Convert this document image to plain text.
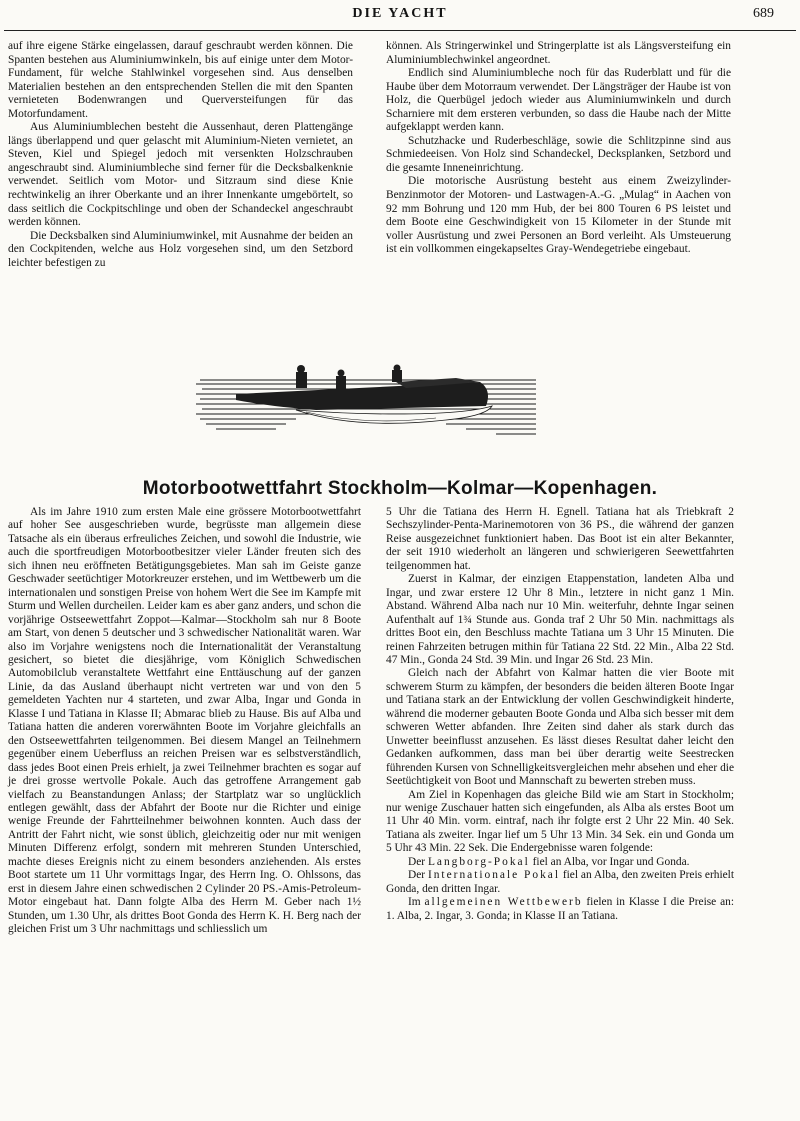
DIE YACHT	689

auf ihre eigene Stärke eingelassen, darauf geschraubt werden können. Die Spanten bestehen aus Aluminiumwinkeln, bis auf einige unter dem Motor-Fundament, für welche Stahlwinkel vorgesehen sind. Aus denselben Materialien bestehen an den entsprechenden Stellen die mit den Spanten vernieteten Bodenwrangen und Querversteifungen für das Motorfundament.

Aus Aluminiumblechen besteht die Aussenhaut, deren Plattengänge längs überlappend und quer gelascht mit Aluminium-Nieten vernietet, an Steven, Kiel und Spiegel jedoch mit versenkten Holzschrauben angeschraubt sind. Aluminiumbleche sind ferner für die Decksbalkenknie verwendet. Seitlich vom Motor- und Sitzraum sind diese Knie rechtwinkelig an ihrer Oberkante und an ihrer Innenkante umgebörtelt, so dass seitlich die Cockpitschlinge und oben der Schandeckel angeschraubt werden können.

Die Decksbalken sind Aluminiumwinkel, mit Ausnahme der beiden an den Cockpitenden, welche aus Holz vorgesehen sind, um den Setzbord leichter befestigen zu

können. Als Stringerwinkel und Stringerplatte ist als Längsversteifung ein Aluminiumblechwinkel angeordnet.

Endlich sind Aluminiumbleche noch für das Ruderblatt und für die Haube über dem Motorraum verwendet. Der Längsträger der Haube ist von Holz, die Querbügel jedoch wieder aus Aluminiumwinkeln und durch Scharniere mit dem ersteren verbunden, so dass die Haube nach der Mitte aufgeklappt werden kann.

Schutzhacke und Ruderbeschläge, sowie die Schlitzpinne sind aus Schmiedeeisen. Von Holz sind Schandeckel, Decksplanken, Setzbord und die gesamte Inneneinrichtung.

Die motorische Ausrüstung besteht aus einem Zweizylinder-Benzinmotor der Motoren- und Lastwagen-A.-G. „Mulag“ in Aachen von 92 mm Bohrung und 120 mm Hub, der bei 800 Touren 6 PS leistet und dem Boote eine Geschwindigkeit von 15 Kilometer in der Stunde mit voller Ausrüstung und zwei Personen an Bord verleiht. Als Umsteuerung ist ein vollkommen eingekapseltes Gray-Wendegetriebe eingebaut.

Motorbootwettfahrt Stockholm—Kolmar—Kopenhagen.

Als im Jahre 1910 zum ersten Male eine grössere Motorbootwettfahrt auf hoher See ausgeschrieben wurde, begrüsste man allgemein diese Tatsache als ein überaus erfreuliches Zeichen, und sowohl die Industrie, wie auch die sportfreudigen Motorbootbesitzer vieler Länder freuten sich des sich ihnen neu eröffneten Betätigungsgebietes. Man sah im Geiste ganze Geschwader seetüchtiger Motorkreuzer erstehen, und im Wettbewerb um die internationalen und sonstigen Preise von hohem Wert die See im Kampfe mit Sturm und Wellen durcheilen. Leider kam es aber ganz anders, und schon die vorjährige Ostseewettfahrt Zoppot—Kalmar—Stockholm sah nur 8 Boote am Start, von denen 5 deutscher und 3 schwedischer Nationalität waren. War also im Vorjahre wenigstens noch die Internationalität der Veranstaltung gesichert, so bietet die diesjährige, vom Königlich Schwedischen Automobilclub veranstaltete Wettfahrt eine Enttäuschung auf der ganzen Linie, da das Ausland überhaupt nicht vertreten war und von den 5 gemeldeten Yachten nur 4 starteten, und zwar Alba, Ingar und Gonda in Klasse I und Tatiana in Klasse II; Abmarac blieb zu Hause. Bis auf Alba und Tatiana hatten die anderen vorerwähnten Boote im Vorjahre gleichfalls an den Ostseewettfahrten teilgenommen. Bei diesem Mangel an Teilnehmern gegenüber einem Ueberfluss an reichen Preisen war es selbstverständlich, dass jedes Boot einen Preis erhielt, ja zwei Teilnehmer brachten es sogar auf je drei grosse wertvolle Pokale. Auch das getroffene Arrangement gab vielfach zu Beanstandungen Anlass; der Startplatz war so unglücklich entlegen gewählt, dass der Abfahrt der Boote nur die Richter und einige wenige Freunde der Fahrtteilnehmer beiwohnen konnten. Auch dass der Antritt der Fahrt nicht, wie sonst üblich, gleichzeitig oder nur mit wenigen Minuten Differenz erfolgt, sondern mit mehreren Stunden Unterschied, machte dieses Ereignis nicht zu einem besonders anziehenden. Als erstes Boot startete um 11 Uhr vormittags Ingar, des Herrn Ing. O. Ohlssons, das erst in diesem Jahre einen schwedischen 2 Cylinder 20 PS.-Amis-Petroleum-Motor eingebaut hat. Dann folgte Alba des Herrn M. Geber nach 1½ Stunden, um 1.30 Uhr, als drittes Boot Gonda des Herrn K. H. Berg nach der gleichen Frist um 3 Uhr nachmittags und schliesslich um

5 Uhr die Tatiana des Herrn H. Egnell. Tatiana hat als Triebkraft 2 Sechszylinder-Penta-Marinemotoren von 36 PS., die während der ganzen Reise ausgezeichnet funktioniert haben. Das Boot ist ein alter Bekannter, der seit 1910 wiederholt an längeren und schwierigeren Seewettfahrten teilgenommen hat.

Zuerst in Kalmar, der einzigen Etappenstation, landeten Alba und Ingar, und zwar erstere 12 Uhr 8 Min., letztere in nicht ganz 1 Min. Abstand. Während Alba nach nur 10 Min. weiterfuhr, dehnte Ingar seinen Aufenthalt auf 1¾ Stunde aus. Gonda traf 2 Uhr 50 Min. nachmittags als drittes Boot ein, den Beschluss machte Tatiana um 3 Uhr 15 Minuten. Die reinen Fahrzeiten betrugen mithin für Tatiana 22 Std. 22 Min., Alba 22 Std. 47 Min., Gonda 24 Std. 39 Min. und Ingar 26 Std. 23 Min.

Gleich nach der Abfahrt von Kalmar hatten die vier Boote mit schwerem Sturm zu kämpfen, der besonders die beiden älteren Boote Ingar und Tatiana stark an der Entwicklung der vollen Geschwindigkeit hinderte, während die moderner gebauten Boote Gonda und Alba sich besser mit dem schweren Wetter abfanden. Ihre Zeiten sind daher als stark durch das Unwetter beeinflusst anzusehen. Es lässt dieses Resultat daher leicht den Gedanken aufkommen, dass man bei über derartig weite Seestrecken führenden Kursen von Schnelligkeitsvergleichen mehr absehen und eher die Seetüchtigkeit von Boot und Mannschaft zu bewerten streben muss.

Am Ziel in Kopenhagen das gleiche Bild wie am Start in Stockholm; nur wenige Zuschauer hatten sich eingefunden, als Alba als erstes Boot um 11 Uhr 40 Min. vorm. eintraf, nach ihr folgte erst 2 Uhr 22 Min. 40 Sek. Tatiana als zweiter. Ingar lief um 5 Uhr 13 Min. 34 Sek. ein und Gonda um 5 Uhr 43 Min. 22 Sek. Die Endergebnisse waren folgende:

Der Langborg-Pokal fiel an Alba, vor Ingar und Gonda.

Der Internationale Pokal fiel an Alba, den zweiten Preis erhielt Gonda, den dritten Ingar.

Im allgemeinen Wettbewerb fielen in Klasse I die Preise an: 1. Alba, 2. Ingar, 3. Gonda; in Klasse II an Tatiana.
